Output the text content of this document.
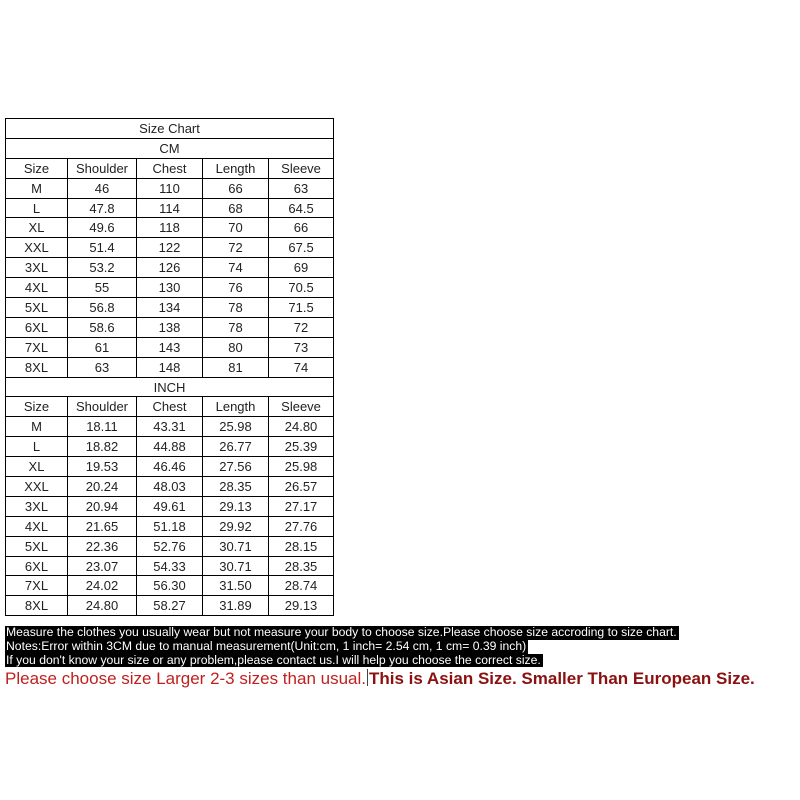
Size Chart				
CM				
Size	Shoulder	Chest	Length	Sleeve
M	46	110	66	63
L	47.8	114	68	64.5
XL	49.6	118	70	66
XXL	51.4	122	72	67.5
3XL	53.2	126	74	69
4XL	55	130	76	70.5
5XL	56.8	134	78	71.5
6XL	58.6	138	78	72
7XL	61	143	80	73
8XL	63	148	81	74
INCH				
Size	Shoulder	Chest	Length	Sleeve
M	18.11	43.31	25.98	24.80
L	18.82	44.88	26.77	25.39
XL	19.53	46.46	27.56	25.98
XXL	20.24	48.03	28.35	26.57
3XL	20.94	49.61	29.13	27.17
4XL	21.65	51.18	29.92	27.76
5XL	22.36	52.76	30.71	28.15
6XL	23.07	54.33	30.71	28.35
7XL	24.02	56.30	31.50	28.74
8XL	24.80	58.27	31.89	29.13
Measure the clothes you usually wear but not measure your body to choose size.Please choose size accroding to size chart.
Notes:Error within 3CM due to manual measurement(Unit:cm, 1 inch= 2.54 cm, 1 cm= 0.39 inch)
If you don't know your size or any problem,please contact us.I will help you choose the correct size.
Please choose size Larger 2-3 sizes than usual. This is Asian Size. Smaller Than European Size.
